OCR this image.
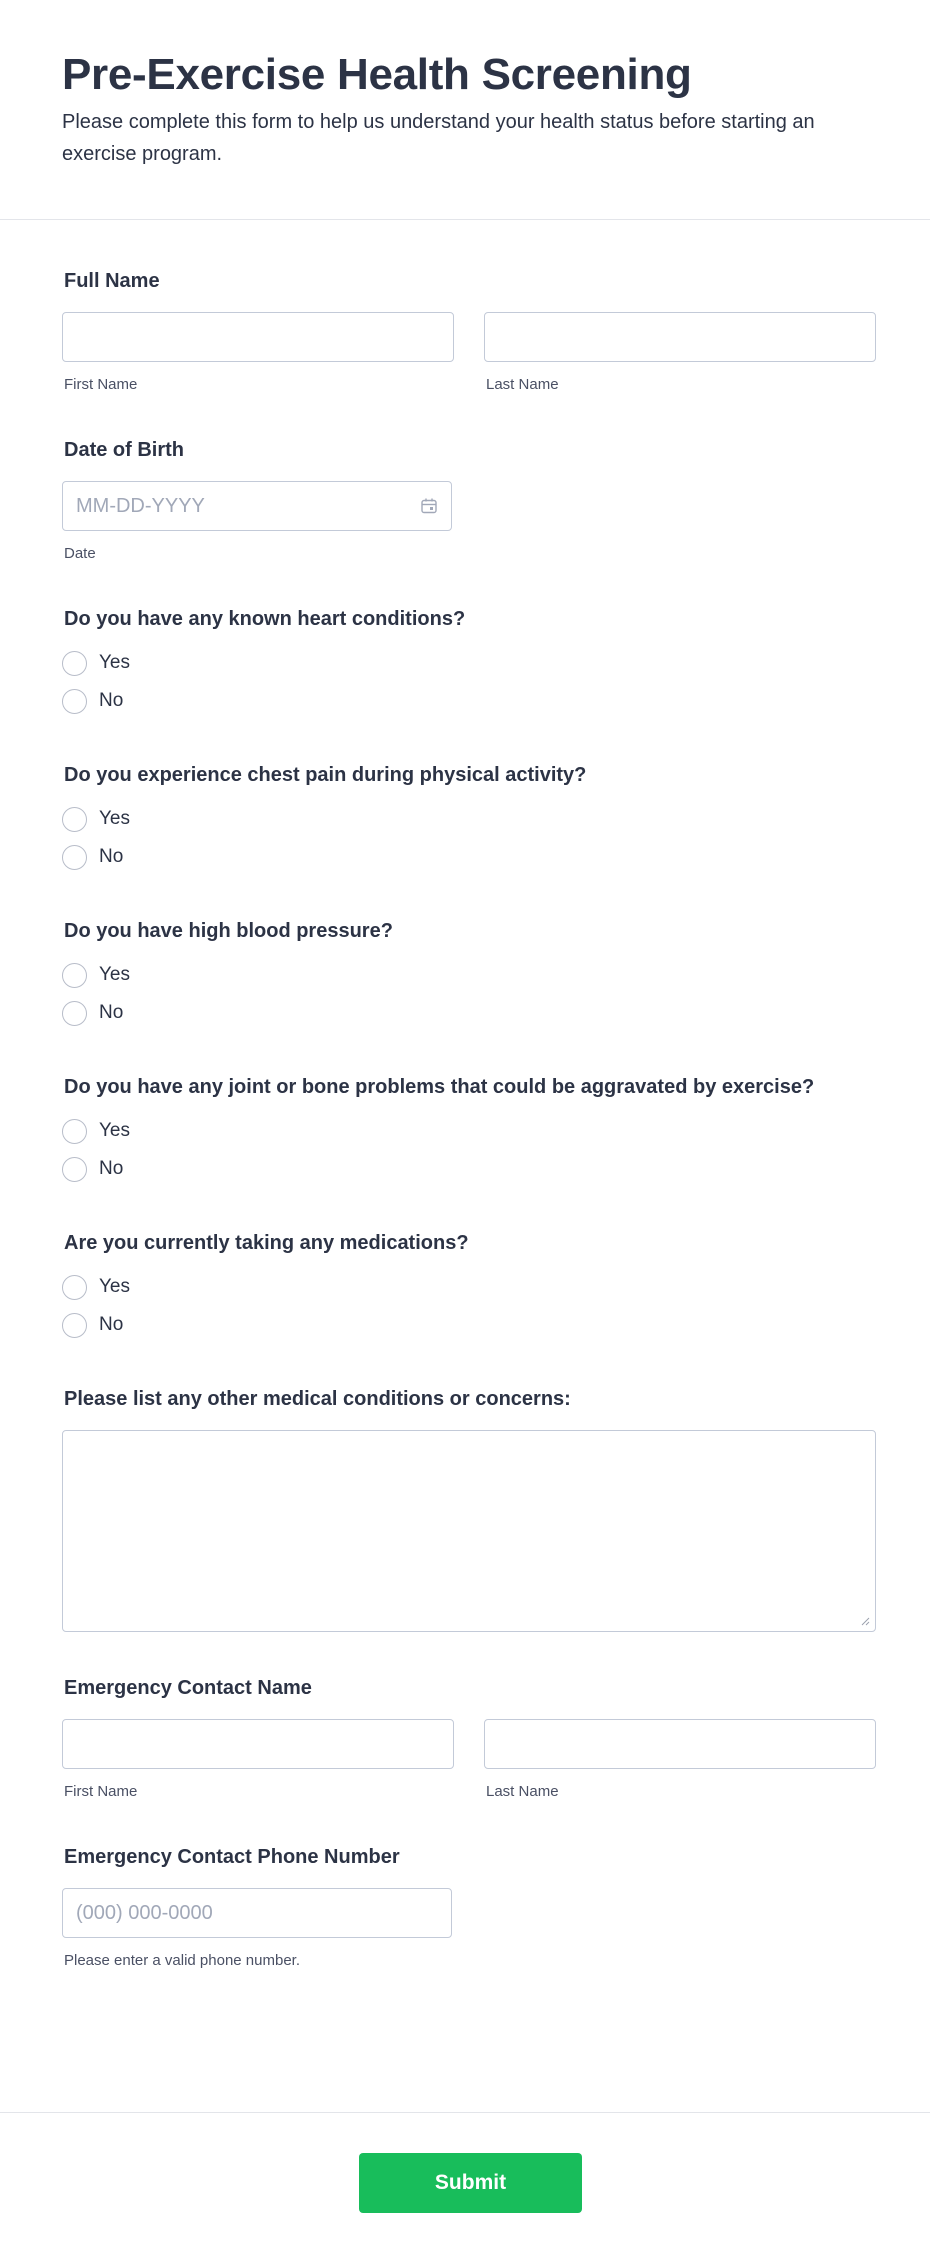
Pre-Exercise Health Screening

Please complete this form to help us understand your health status before starting an exercise program.

Full Name
First Name	Last Name
Date of Birth
MM-DD-YYYY
Date
Do you have any known heart conditions?
Yes
No
Do you experience chest pain during physical activity?
Yes
No
Do you have high blood pressure?
Yes
No
Do you have any joint or bone problems that could be aggravated by exercise?
Yes
No
Are you currently taking any medications?
Yes
No
Please list any other medical conditions or concerns:
Emergency Contact Name
First Name	Last Name
Emergency Contact Phone Number
(000) 000-0000
Please enter a valid phone number.
Submit
